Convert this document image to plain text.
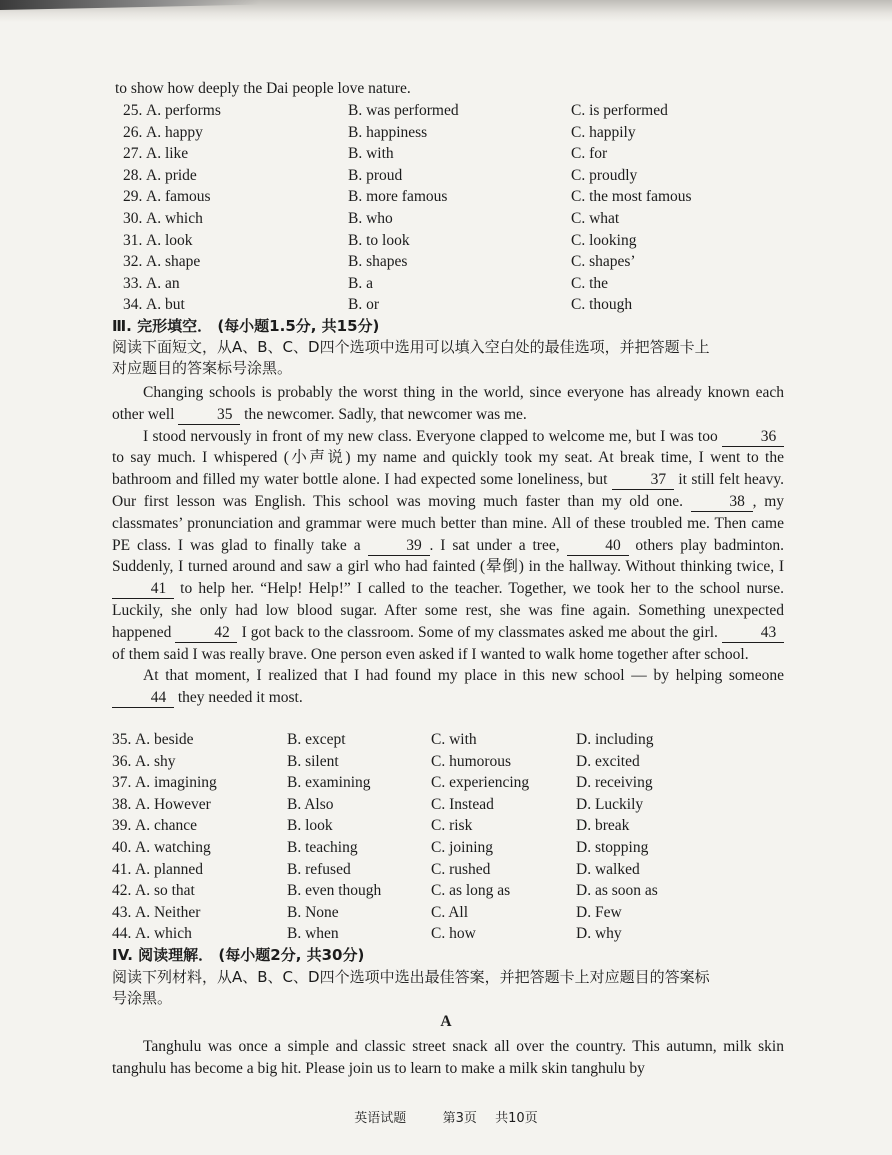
to show how deeply the Dai people love nature.
25. A. performs	B. was performed	C. is performed
26. A. happy	B. happiness	C. happily
27. A. like	B. with	C. for
28. A. pride	B. proud	C. proudly
29. A. famous	B. more famous	C. the most famous
30. A. which	B. who	C. what
31. A. look	B. to look	C. looking
32. A. shape	B. shapes	C. shapes’
33. A. an	B. a	C. the
34. A. but	B. or	C. though
Ⅲ. 完形填空． (每小题1.5分, 共15分)
阅读下面短文，从A、B、C、D四个选项中选用可以填入空白处的最佳选项，并把答题卡上
对应题目的答案标号涂黑。

Changing schools is probably the worst thing in the world, since everyone has already known each other well	35 the newcomer. Sadly, that newcomer was me.

I stood nervously in front of my new class. Everyone clapped to welcome me, but I was too	36 to say much. I whispered (小声说) my name and quickly took my seat. At break time, I went to the bathroom and filled my water bottle alone. I had expected some loneliness, but	37 it still felt heavy. Our first lesson was English. This school was moving much faster than my old one.	38 , my classmates’ pronunciation and grammar were much better than mine. All of these troubled me. Then came PE class. I was glad to finally take a	39 . I sat under a tree,	40 others play badminton. Suddenly, I turned around and saw a girl who had fainted (晕倒) in the hallway. Without thinking twice, I 41 to help her. “Help! Help!” I called to the teacher. Together, we took her to the school nurse. Luckily, she only had low blood sugar. After some rest, she was fine again. Something unexpected happened	42 I got back to the classroom. Some of my classmates asked me about the girl.	43 of them said I was really brave. One person even asked if I wanted to walk home together after school.

At that moment, I realized that I had found my place in this new school — by helping someone 44 they needed it most.

35. A. beside	B. except	C. with	D. including
36. A. shy	B. silent	C. humorous	D. excited
37. A. imagining	B. examining	C. experiencing	D. receiving
38. A. However	B. Also	C. Instead	D. Luckily
39. A. chance	B. look	C. risk	D. break
40. A. watching	B. teaching	C. joining	D. stopping
41. A. planned	B. refused	C. rushed	D. walked
42. A. so that	B. even though	C. as long as	D. as soon as
43. A. Neither	B. None	C. All	D. Few
44. A. which	B. when	C. how	D. why
IV. 阅读理解． (每小题2分, 共30分)
阅读下列材料，从A、B、C、D四个选项中选出最佳答案，并把答题卡上对应题目的答案标
号涂黑。
A
Tanghulu was once a simple and classic street snack all over the country. This autumn, milk skin tanghulu has become a big hit. Please join us to learn to make a milk skin tanghulu by
英语试题	第3页 共10页
